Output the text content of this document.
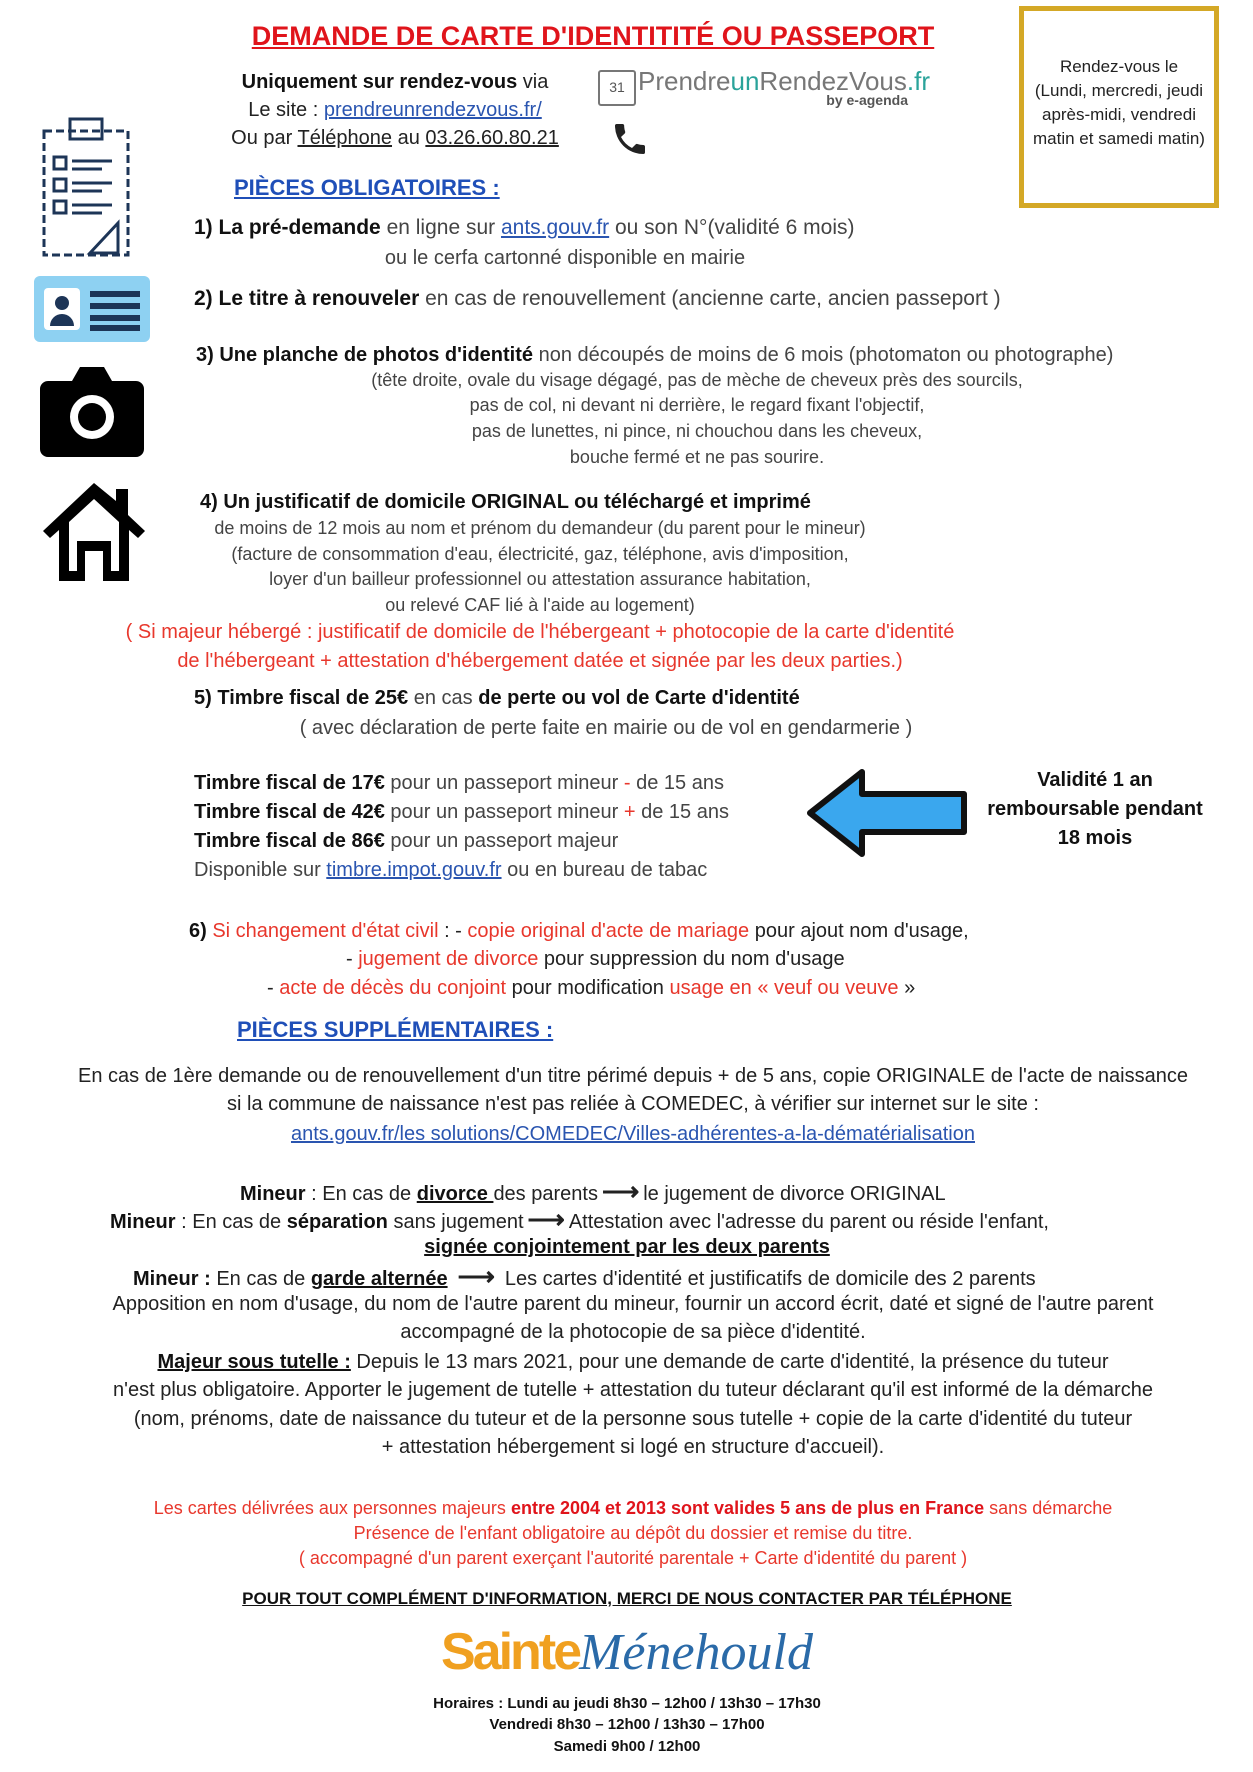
DEMANDE DE CARTE D'IDENTITITÉ OU PASSEPORT
Uniquement sur rendez-vous via
Le site : prendreunrendezvous.fr/
Ou par Téléphone au 03.26.60.80.21
31 PrendreunRendezVous.fr
by e-agenda
Rendez-vous le
(Lundi, mercredi, jeudi
après-midi, vendredi
matin et samedi matin)
PIÈCES OBLIGATOIRES :
1) La pré-demande en ligne sur ants.gouv.fr ou son N°(validité 6 mois)
ou le cerfa cartonné disponible en mairie
2) Le titre à renouveler en cas de renouvellement (ancienne carte, ancien passeport )
3) Une planche de photos d'identité non découpés de moins de 6 mois (photomaton ou photographe)
(tête droite, ovale du visage dégagé, pas de mèche de cheveux près des sourcils,
pas de col, ni devant ni derrière, le regard fixant l'objectif,
pas de lunettes, ni pince, ni chouchou dans les cheveux,
bouche fermé et ne pas sourire.
4) Un justificatif de domicile ORIGINAL ou téléchargé et imprimé
de moins de 12 mois au nom et prénom du demandeur (du parent pour le mineur)
(facture de consommation d'eau, électricité, gaz, téléphone, avis d'imposition,
loyer d'un bailleur professionnel ou attestation assurance habitation,
ou relevé CAF lié à l'aide au logement)
( Si majeur hébergé : justificatif de domicile de l'hébergeant + photocopie de la carte d'identité
de l'hébergeant + attestation d'hébergement datée et signée par les deux parties.)
5) Timbre fiscal de 25€ en cas de perte ou vol de Carte d'identité
( avec déclaration de perte faite en mairie ou de vol en gendarmerie )
Timbre fiscal de 17€ pour un passeport mineur - de 15 ans
Timbre fiscal de 42€ pour un passeport mineur + de 15 ans
Timbre fiscal de 86€ pour un passeport majeur
Disponible sur timbre.impot.gouv.fr ou en bureau de tabac
Validité 1 an
remboursable pendant
18 mois
6) Si changement d'état civil : - copie original d'acte de mariage pour ajout nom d'usage,
- jugement de divorce pour suppression du nom d'usage
- acte de décès du conjoint pour modification usage en « veuf ou veuve »
PIÈCES SUPPLÉMENTAIRES :
En cas de 1ère demande ou de renouvellement d'un titre périmé depuis + de 5 ans, copie ORIGINALE de l'acte de naissance
si la commune de naissance n'est pas reliée à COMEDEC, à vérifier sur internet sur le site :
ants.gouv.fr/les solutions/COMEDEC/Villes-adhérentes-a-la-dématérialisation
Mineur : En cas de divorce des parents ⟶ le jugement de divorce ORIGINAL
Mineur : En cas de séparation sans jugement ⟶ Attestation avec l'adresse du parent ou réside l'enfant,
signée conjointement par les deux parents
Mineur : En cas de garde alternée ⟶ Les cartes d'identité et justificatifs de domicile des 2 parents
Apposition en nom d'usage, du nom de l'autre parent du mineur, fournir un accord écrit, daté et signé de l'autre parent
accompagné de la photocopie de sa pièce d'identité.
Majeur sous tutelle : Depuis le 13 mars 2021, pour une demande de carte d'identité, la présence du tuteur
n'est plus obligatoire. Apporter le jugement de tutelle + attestation du tuteur déclarant qu'il est informé de la démarche
(nom, prénoms, date de naissance du tuteur et de la personne sous tutelle + copie de la carte d'identité du tuteur
+ attestation hébergement si logé en structure d'accueil).
Les cartes délivrées aux personnes majeurs entre 2004 et 2013 sont valides 5 ans de plus en France sans démarche
Présence de l'enfant obligatoire au dépôt du dossier et remise du titre.
( accompagné d'un parent exerçant l'autorité parentale + Carte d'identité du parent )
POUR TOUT COMPLÉMENT D'INFORMATION, MERCI DE NOUS CONTACTER PAR TÉLÉPHONE
SainteMénehould
Horaires : Lundi au jeudi 8h30 – 12h00 / 13h30 – 17h30
Vendredi 8h30 – 12h00 / 13h30 – 17h00
Samedi 9h00 / 12h00
